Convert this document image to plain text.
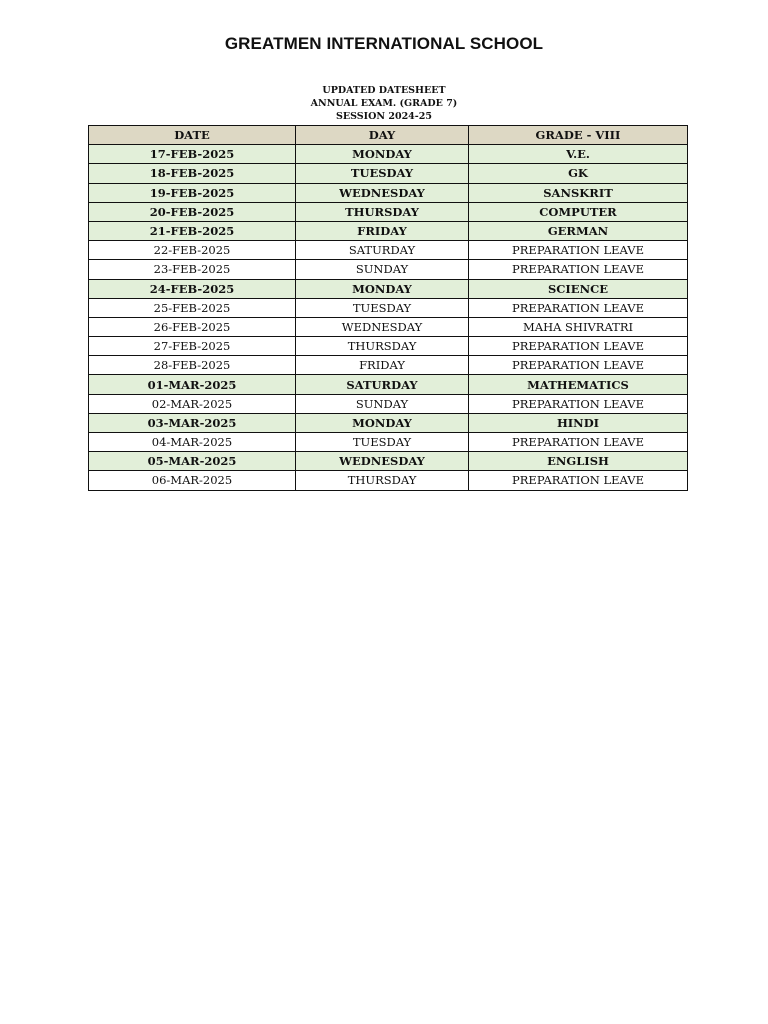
GREATMEN INTERNATIONAL SCHOOL
UPDATED DATESHEET
ANNUAL EXAM. (GRADE 7)
SESSION 2024-25
DATE	DAY	GRADE - VIII
17-FEB-2025	MONDAY	V.E.
18-FEB-2025	TUESDAY	GK
19-FEB-2025	WEDNESDAY	SANSKRIT
20-FEB-2025	THURSDAY	COMPUTER
21-FEB-2025	FRIDAY	GERMAN
22-FEB-2025	SATURDAY	PREPARATION LEAVE
23-FEB-2025	SUNDAY	PREPARATION LEAVE
24-FEB-2025	MONDAY	SCIENCE
25-FEB-2025	TUESDAY	PREPARATION LEAVE
26-FEB-2025	WEDNESDAY	MAHA SHIVRATRI
27-FEB-2025	THURSDAY	PREPARATION LEAVE
28-FEB-2025	FRIDAY	PREPARATION LEAVE
01-MAR-2025	SATURDAY	MATHEMATICS
02-MAR-2025	SUNDAY	PREPARATION LEAVE
03-MAR-2025	MONDAY	HINDI
04-MAR-2025	TUESDAY	PREPARATION LEAVE
05-MAR-2025	WEDNESDAY	ENGLISH
06-MAR-2025	THURSDAY	PREPARATION LEAVE
